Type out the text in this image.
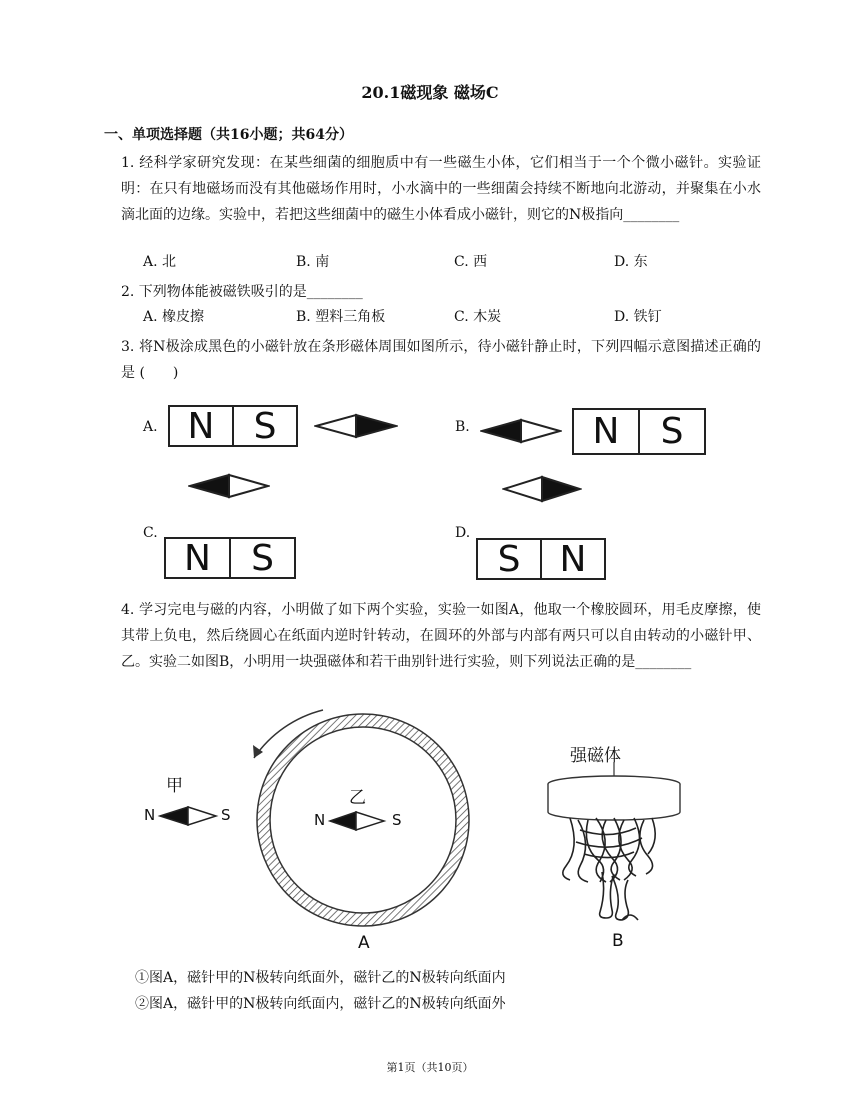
20.1磁现象 磁场C
一、单项选择题（共16小题；共64分）

1. 经科学家研究发现：在某些细菌的细胞质中有一些磁生小体，它们相当于一个个微小磁针。实验证明：在只有地磁场而没有其他磁场作用时，小水滴中的一些细菌会持续不断地向北游动，并聚集在小水滴北面的边缘。实验中，若把这些细菌中的磁生小体看成小磁针，则它的N极指向________

A. 北	B. 南	C. 西	D. 东

2. 下列物体能被磁铁吸引的是________

A. 橡皮擦	B. 塑料三角板	C. 木炭	D. 铁钉

3. 将N极涂成黑色的小磁针放在条形磁体周围如图所示，待小磁针静止时，下列四幅示意图描述正确的是 (　　)

A.	B.
C.	D.
N	S	N	S
N	S	S	N

4. 学习完电与磁的内容，小明做了如下两个实验，实验一如图A，他取一个橡胶圆环，用毛皮摩擦，使其带上负电，然后绕圆心在纸面内逆时针转动，在圆环的外部与内部有两只可以自由转动的小磁针甲、乙。实验二如图B，小明用一块强磁体和若干曲别针进行实验，则下列说法正确的是________

甲
N	S
乙
N	S
A
强磁体
B
①图A，磁针甲的N极转向纸面外，磁针乙的N极转向纸面内
②图A，磁针甲的N极转向纸面内，磁针乙的N极转向纸面外
第1页（共10页）
